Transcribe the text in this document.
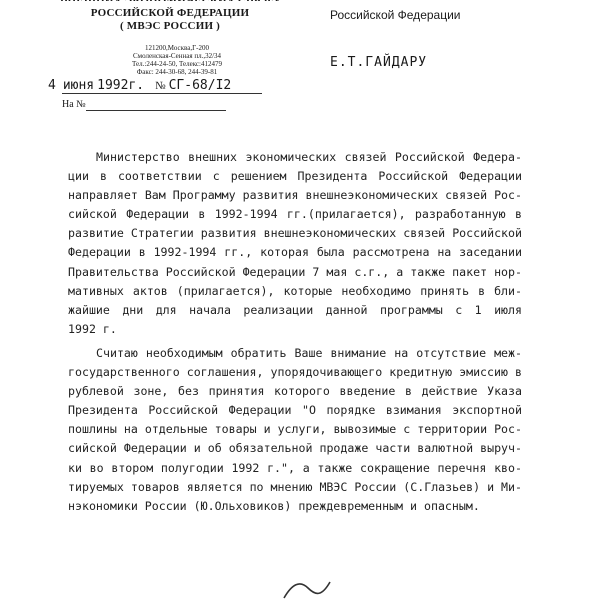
РОССИЙСКОЙ ФЕДЕРАЦИИ
( МВЭС РОССИИ )
121200,Москва,Г-200
Смоленская-Сенная пл.,32/34
Тел.:244-24-50, Телекс:412479
Факс: 244-30-68, 244-39-81
4 июня 1992г. № СГ-68/I2
На №
Российской Федерации
Е.Т.ГАЙДАРУ
Министерство внешних экономических связей Российской Федера-
ции в соответствии с решением Президента Российской Федерации
направляет Вам Программу развития внешнеэкономических связей Рос-
сийской Федерации в 1992-1994 гг.(прилагается), разработанную в
развитие Стратегии развития внешнеэкономических связей Российской
Федерации в 1992-1994 гг., которая была рассмотрена на заседании
Правительства Российской Федерации 7 мая с.г., а также пакет нор-
мативных актов (прилагается), которые необходимо принять в бли-
жайшие дни для начала реализации данной программы с 1 июля
1992 г.
Считаю необходимым обратить Ваше внимание на отсутствие меж-
государственного соглашения, упорядочивающего кредитную эмиссию в
рублевой зоне, без принятия которого введение в действие Указа
Президента Российской Федерации "О порядке взимания экспортной
пошлины на отдельные товары и услуги, вывозимые с территории Рос-
сийской Федерации и об обязательной продаже части валютной выруч-
ки во втором полугодии 1992 г.", а также сокращение перечня кво-
тируемых товаров является по мнению МВЭС России (С.Глазьев) и Ми-
нэкономики России (Ю.Ольховиков) преждевременным и опасным.
